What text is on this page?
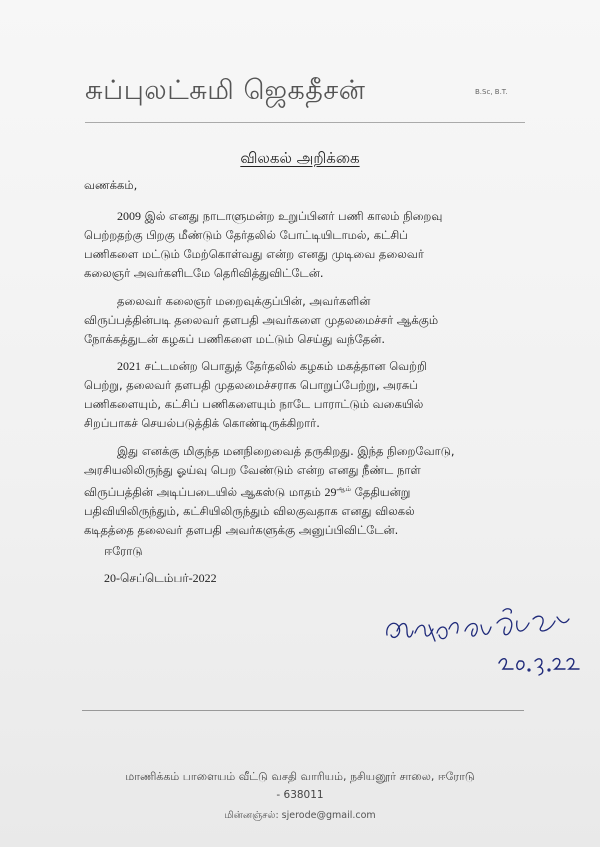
சுப்புலட்சுமி ஜெகதீசன்	B.Sc, B.T.
விலகல் அறிக்கை
வணக்கம்,
2009 இல் எனது நாடாளுமன்ற உறுப்பினர் பணி காலம் நிறைவு
பெற்றதற்கு பிறகு மீண்டும் தேர்தலில் போட்டியிடாமல், கட்சிப்
பணிகளை மட்டும் மேற்கொள்வது என்ற எனது முடிவை தலைவர்
கலைஞர் அவர்களிடமே தெரிவித்துவிட்டேன்.
தலைவர் கலைஞர் மறைவுக்குப்பின், அவர்களின்
விருப்பத்தின்படி தலைவர் தளபதி அவர்களை முதலமைச்சர் ஆக்கும்
நோக்கத்துடன் கழகப் பணிகளை மட்டும் செய்து வந்தேன்.
2021 சட்டமன்ற பொதுத் தேர்தலில் கழகம் மகத்தான வெற்றி
பெற்று, தலைவர் தளபதி முதலமைச்சராக பொறுப்பேற்று, அரசுப்
பணிகளையும், கட்சிப் பணிகளையும் நாடே பாராட்டும் வகையில்
சிறப்பாகச் செயல்படுத்திக் கொண்டிருக்கிறார்.
இது எனக்கு மிகுந்த மனநிறைவைத் தருகிறது. இந்த நிறைவோடு,
அரசியலிலிருந்து ஓய்வு பெற வேண்டும் என்ற எனது நீண்ட நாள்
விருப்பத்தின் அடிப்படையில் ஆகஸ்டு மாதம் $29^{ஆம்}$ தேதியன்று
பதிவியிலிருந்தும், கட்சியிலிருந்தும் விலகுவதாக எனது விலகல்
கடிதத்தை தலைவர் தளபதி அவர்களுக்கு அனுப்பிவிட்டேன்.
ஈரோடு
20-செப்டெம்பர்-2022
மாணிக்கம் பாளையம் வீட்டு வசதி வாரியம், நசியனூர் சாலை, ஈரோடு
- 638011
மின்னஞ்சல்: sjerode@gmail.com
